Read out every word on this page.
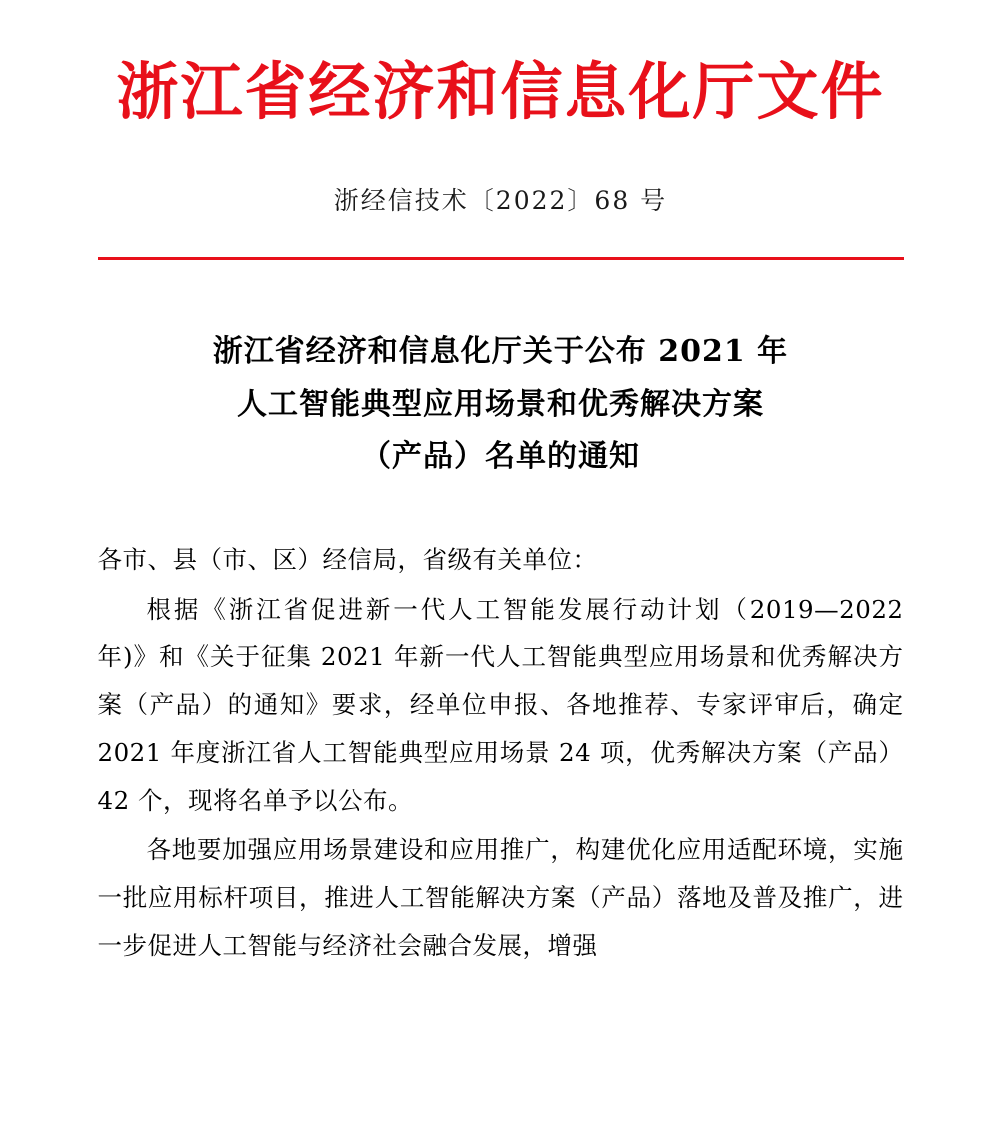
浙江省经济和信息化厅文件
浙经信技术〔2022〕68 号
浙江省经济和信息化厅关于公布 2021 年
人工智能典型应用场景和优秀解决方案
（产品）名单的通知

各市、县（市、区）经信局，省级有关单位：

根据《浙江省促进新一代人工智能发展行动计划（2019—2022 年)》和《关于征集 2021 年新一代人工智能典型应用场景和优秀解决方案（产品）的通知》要求，经单位申报、各地推荐、专家评审后，确定 2021 年度浙江省人工智能典型应用场景 24 项，优秀解决方案（产品）42 个，现将名单予以公布。

各地要加强应用场景建设和应用推广，构建优化应用适配环境，实施一批应用标杆项目，推进人工智能解决方案（产品）落地及普及推广，进一步促进人工智能与经济社会融合发展，增强
